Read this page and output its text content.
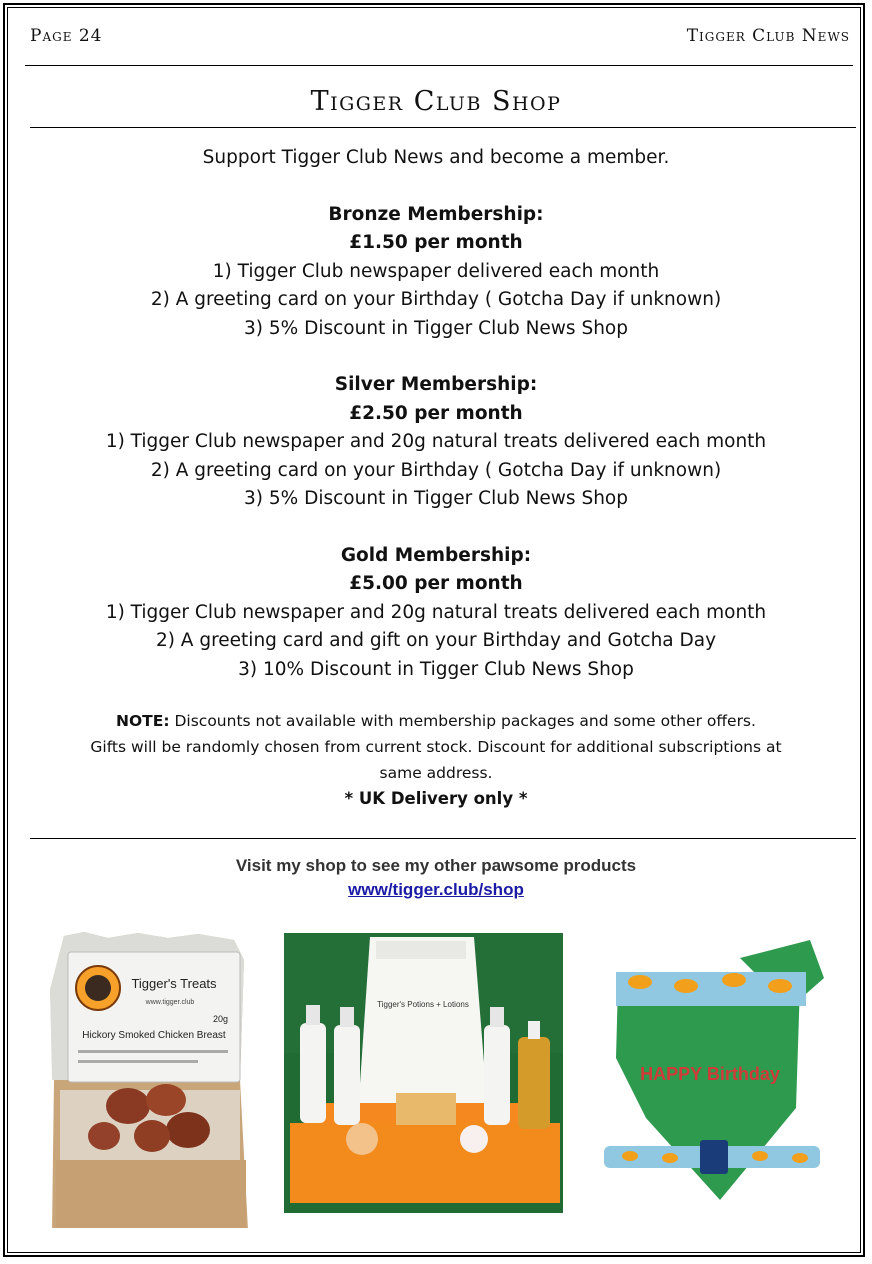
Page 24	Tigger Club News
Tigger Club Shop

Support Tigger Club News and become a member.

Bronze Membership:

£1.50 per month

1) Tigger Club newspaper delivered each month

2) A greeting card on your Birthday ( Gotcha Day if unknown)

3) 5% Discount in Tigger Club News Shop

Silver Membership:

£2.50 per month

1) Tigger Club newspaper and 20g natural treats delivered each month

2) A greeting card on your Birthday ( Gotcha Day if unknown)

3) 5% Discount in Tigger Club News Shop

Gold Membership:

£5.00 per month

1) Tigger Club newspaper and 20g natural treats delivered each month

2) A greeting card and gift on your Birthday and Gotcha Day

3) 10% Discount in Tigger Club News Shop

NOTE: Discounts not available with membership packages and some other offers.

Gifts will be randomly chosen from current stock. Discount for additional subscriptions at

same address.

* UK Delivery only *

Visit my shop to see my other pawsome products
www/tigger.club/shop
Tigger's Treats
www.tigger.club
20g
Hickory Smoked Chicken Breast
Tigger's Potions + Lotions
HAPPY Birthday
